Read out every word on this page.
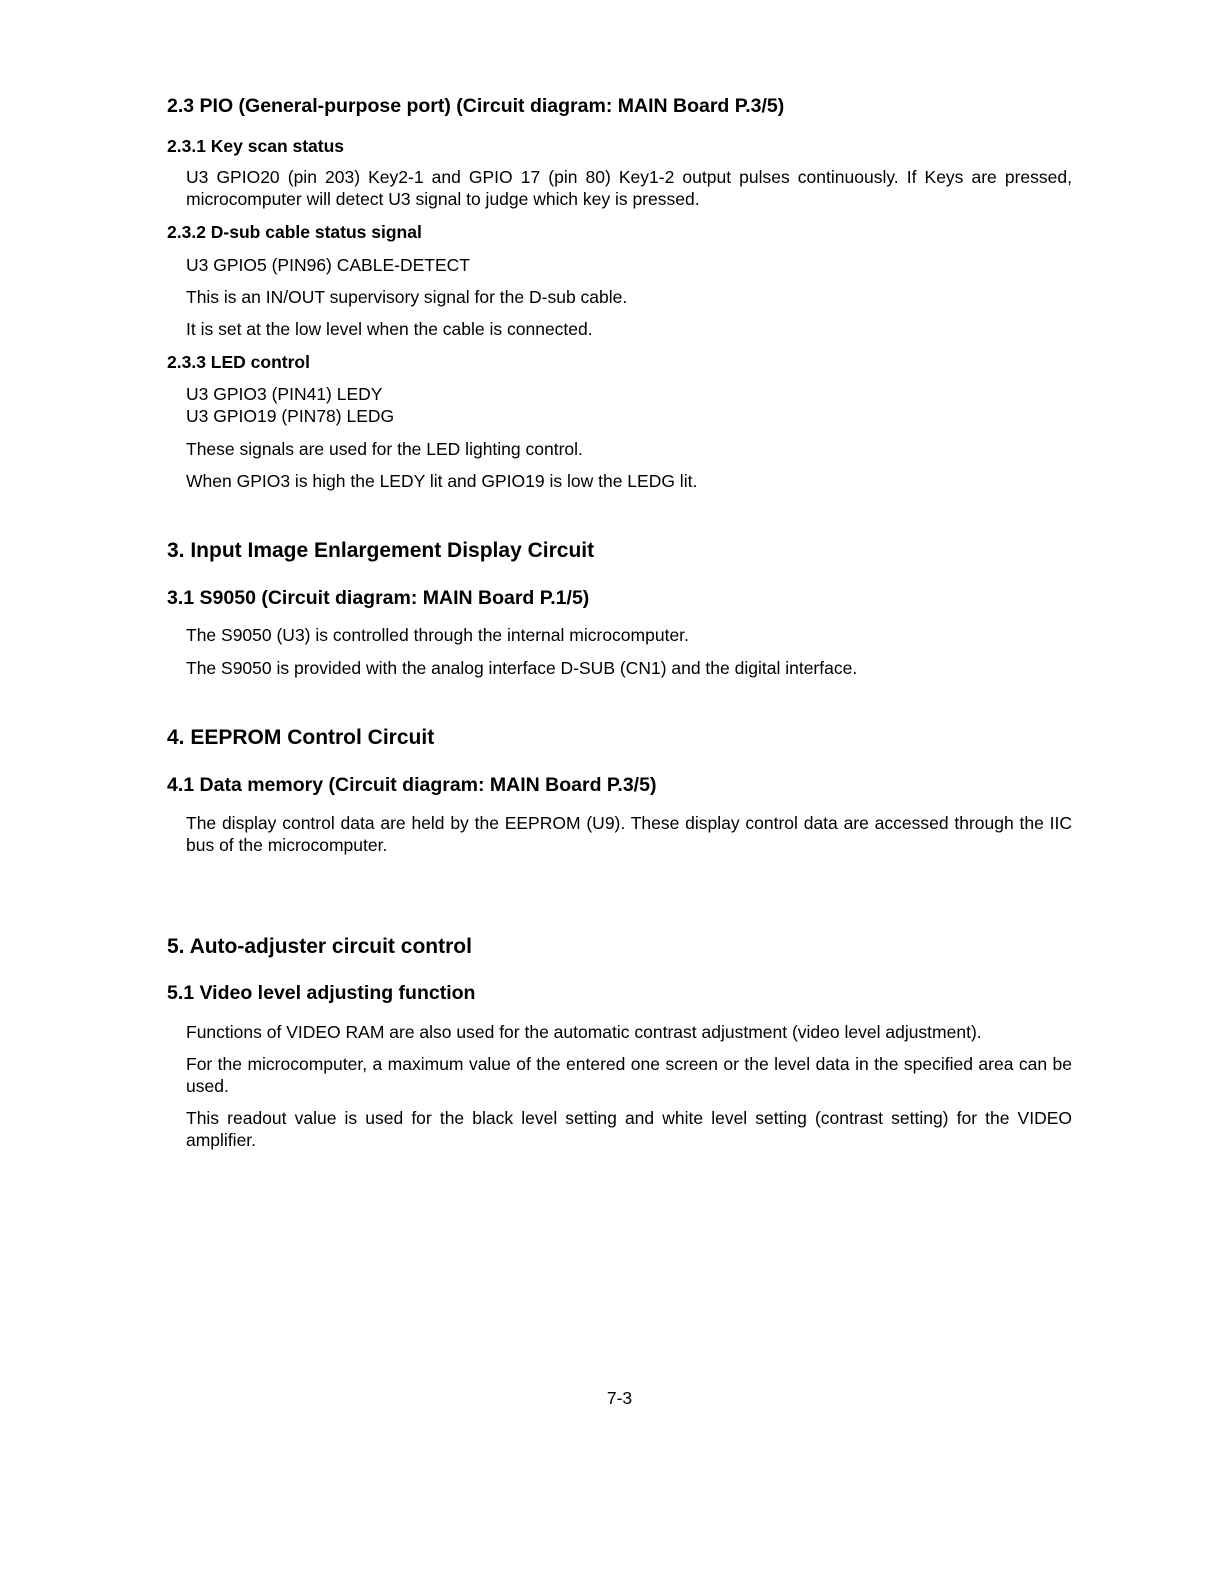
2.3 PIO (General-purpose port) (Circuit diagram: MAIN Board P.3/5)
2.3.1 Key scan status

U3 GPIO20 (pin 203) Key2-1 and GPIO 17 (pin 80) Key1-2 output pulses continuously. If Keys are pressed, microcomputer will detect U3 signal to judge which key is pressed.

2.3.2 D-sub cable status signal

U3 GPIO5 (PIN96) CABLE-DETECT

This is an IN/OUT supervisory signal for the D-sub cable.

It is set at the low level when the cable is connected.

2.3.3 LED control

U3 GPIO3 (PIN41) LEDY
U3 GPIO19 (PIN78) LEDG

These signals are used for the LED lighting control.

When GPIO3 is high the LEDY lit and GPIO19 is low the LEDG lit.

3. Input Image Enlargement Display Circuit
3.1 S9050 (Circuit diagram: MAIN Board P.1/5)

The S9050 (U3) is controlled through the internal microcomputer.

The S9050 is provided with the analog interface D-SUB (CN1) and the digital interface.

4. EEPROM Control Circuit
4.1 Data memory (Circuit diagram: MAIN Board P.3/5)

The display control data are held by the EEPROM (U9). These display control data are accessed through the IIC bus of the microcomputer.

5. Auto-adjuster circuit control
5.1 Video level adjusting function

Functions of VIDEO RAM are also used for the automatic contrast adjustment (video level adjustment).

For the microcomputer, a maximum value of the entered one screen or the level data in the specified area can be used.

This readout value is used for the black level setting and white level setting (contrast setting) for the VIDEO amplifier.

7-3
